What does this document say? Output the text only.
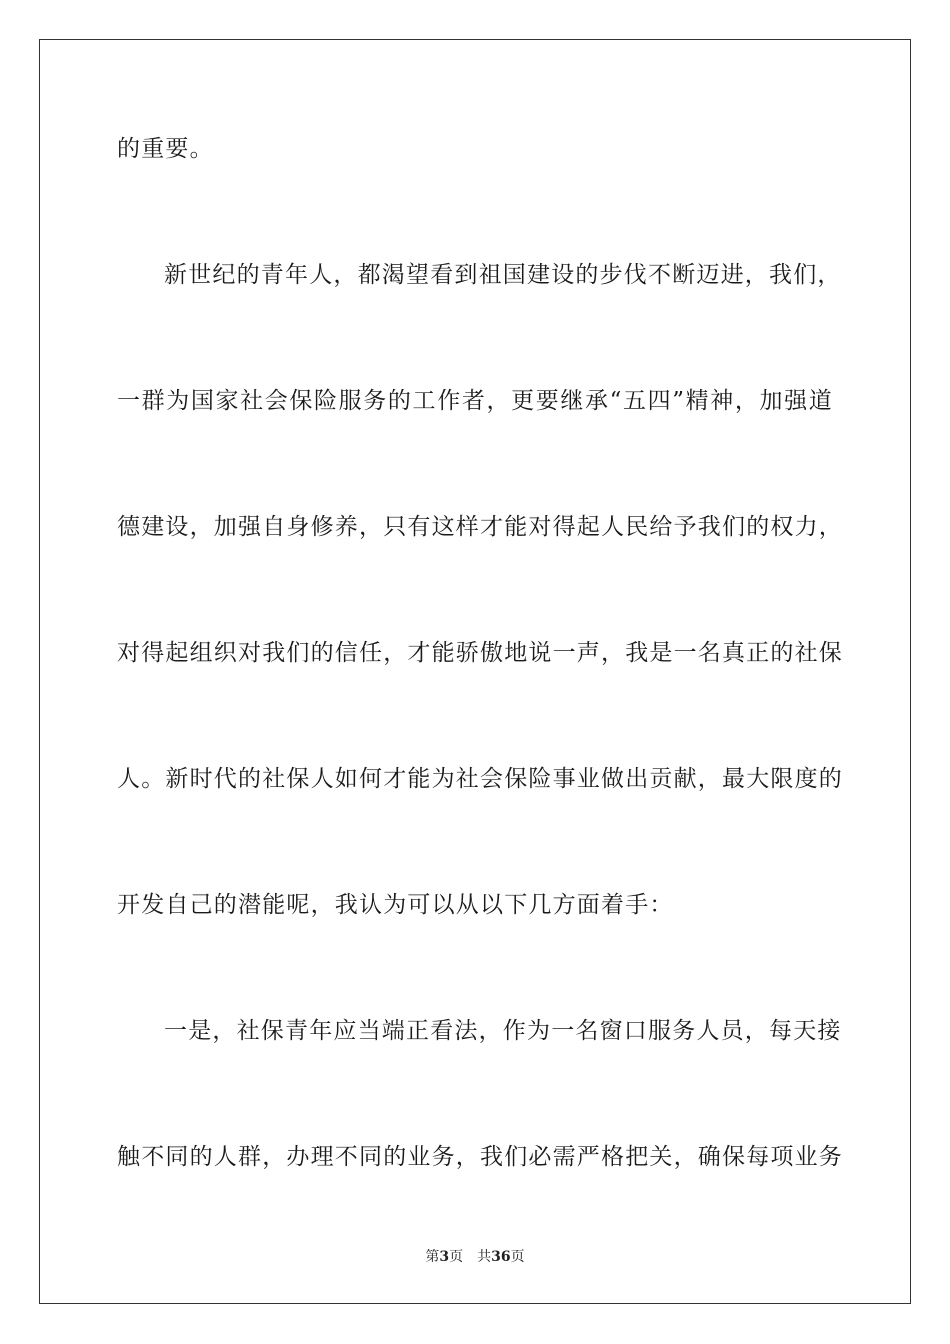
的重要。
新世纪的青年人，都渴望看到祖国建设的步伐不断迈进，我们，
一群为国家社会保险服务的工作者，更要继承“五四”精神，加强道
德建设，加强自身修养，只有这样才能对得起人民给予我们的权力，
对得起组织对我们的信任，才能骄傲地说一声，我是一名真正的社保
人。新时代的社保人如何才能为社会保险事业做出贡献，最大限度的
开发自己的潜能呢，我认为可以从以下几方面着手：
一是，社保青年应当端正看法，作为一名窗口服务人员，每天接
触不同的人群，办理不同的业务，我们必需严格把关，确保每项业务
第3页 共36页
